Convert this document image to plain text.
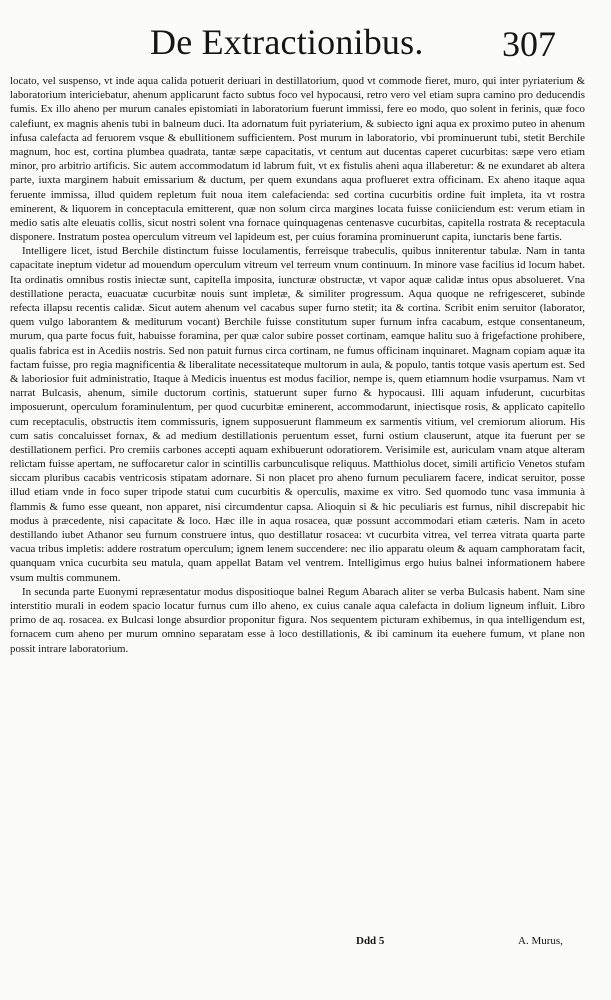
De Extractionibus. 307

locato, vel suspenso, vt inde aqua calida potuerit deriuari in destillatorium, quod vt commode fieret, muro, qui inter pyriaterium & laboratorium intericiebatur, ahenum applicarunt facto subtus foco vel hypocausi, retro vero vel etiam supra camino pro deducendis fumis. Ex illo aheno per murum canales epistomiati in laboratorium fuerunt immissi, fere eo modo, quo solent in ferinis, quæ foco calefiunt, ex magnis ahenis tubi in balneum duci. Ita adornatum fuit pyriaterium, & subiecto igni aqua ex proximo puteo in ahenum infusa calefacta ad feruorem vsque & ebullitionem sufficientem. Post murum in laboratorio, vbi prominuerunt tubi, stetit Berchile magnum, hoc est, cortina plumbea quadrata, tantæ sæpe capacitatis, vt centum aut ducentas caperet cucurbitas: sæpe vero etiam minor, pro arbitrio artificis. Sic autem accommodatum id labrum fuit, vt ex fistulis aheni aqua illaberetur: & ne exundaret ab altera parte, iuxta marginem habuit emissarium & ductum, per quem exundans aqua proflueret extra officinam. Ex aheno itaque aqua feruente immissa, illud quidem repletum fuit noua item calefacienda: sed cortina cucurbitis ordine fuit impleta, ita vt rostra eminerent, & liquorem in conceptacula emitterent, quæ non solum circa margines locata fuisse coniiciendum est: verum etiam in medio satis alte eleuatis collis, sicut nostri solent vna fornace quinquagenas centenasve cucurbitas, capitella rostrata & receptacula disponere. Instratum postea operculum vitreum vel lapideum est, per cuius foramina prominuerunt capita, iunctaris bene fartis.

Intelligere licet, istud Berchile distinctum fuisse loculamentis, ferreisque trabeculis, quibus inniterentur tabulæ. Nam in tanta capacitate ineptum videtur ad mouendum operculum vitreum vel terreum vnum continuum. In minore vase facilius id locum habet. Ita ordinatis omnibus rostis iniectæ sunt, capitella imposita, iuncturæ obstructæ, vt vapor aquæ calidæ intus opus absolueret. Vna destillatione peracta, euacuatæ cucurbitæ nouis sunt impletæ, & similiter progressum. Aqua quoque ne refrigesceret, subinde refecta illapsu recentis calidæ. Sicut autem ahenum vel cacabus super furno stetit; ita & cortina. Scribit enim seruitor (laborator, quem vulgo laborantem & mediturum vocant) Berchile fuisse constitutum super furnum infra cacabum, estque consentaneum, murum, qua parte focus fuit, habuisse foramina, per quæ calor subire posset cortinam, eamque halitu suo à frigefactione prohibere, qualis fabrica est in Acediis nostris. Sed non patuit furnus circa cortinam, ne fumus officinam inquinaret. Magnam copiam aquæ ita factam fuisse, pro regia magnificentia & liberalitate necessitateque multorum in aula, & populo, tantis totque vasis apertum est. Sed & laboriosior fuit administratio, Itaque à Medicis inuentus est modus facilior, nempe is, quem etiamnum hodie vsurpamus. Nam vt narrat Bulcasis, ahenum, simile ductorum cortinis, statuerunt super furno & hypocausi. Illi aquam infuderunt, cucurbitas imposuerunt, operculum foraminulentum, per quod cucurbitæ eminerent, accommodarunt, iniectisque rosis, & applicato capitello cum receptaculis, obstructis item commissuris, ignem supposuerunt flammeum ex sarmentis vitium, vel cremiorum aliorum. His cum satis concaluisset fornax, & ad medium destillationis peruentum esset, furni ostium clauserunt, atque ita fuerunt per se destillationem perfici. Pro cremiis carbones accepti aquam exhibuerunt odoratiorem. Verisimile est, auriculam vnam atque alteram relictam fuisse apertam, ne suffocaretur calor in scintillis carbunculisque reliquus. Matthiolus docet, simili artificio Venetos stufam siccam pluribus cacabis ventricosis stipatam adornare. Si non placet pro aheno furnum peculiarem facere, indicat seruitor, posse illud etiam vnde in foco super tripode statui cum cucurbitis & operculis, maxime ex vitro. Sed quomodo tunc vasa immunia à flammis & fumo esse queant, non apparet, nisi circumdentur capsa. Alioquin si & hic peculiaris est furnus, nihil discrepabit hic modus à præcedente, nisi capacitate & loco. Hæc ille in aqua rosacea, quæ possunt accommodari etiam cæteris. Nam in aceto destillando iubet Athanor seu furnum construere intus, quo destillatur rosacea: vt cucurbita vitrea, vel terrea vitrata quarta parte vacua tribus impletis: addere rostratum operculum; ignem lenem succendere: nec ilio apparatu oleum & aquam camphoratam facit, quanquam vnica cucurbita seu matula, quam appellat Batam vel ventrem. Intelligimus ergo huius balnei informationem habere vsum multis communem.

In secunda parte Euonymi repræsentatur modus dispositioque balnei Regum Abarach aliter se verba Bulcasis habent. Nam sine interstitio murali in eodem spacio locatur furnus cum illo aheno, ex cuius canale aqua calefacta in dolium ligneum influit. Libro primo de aq. rosacea. ex Bulcasi longe absurdior proponitur figura. Nos sequentem picturam exhibemus, in qua intelligendum est, fornacem cum aheno per murum omnino separatam esse à loco destillationis, & ibi caminum ita euehere fumum, vt plane non possit intrare laboratorium.

Ddd 5	A. Murus,
